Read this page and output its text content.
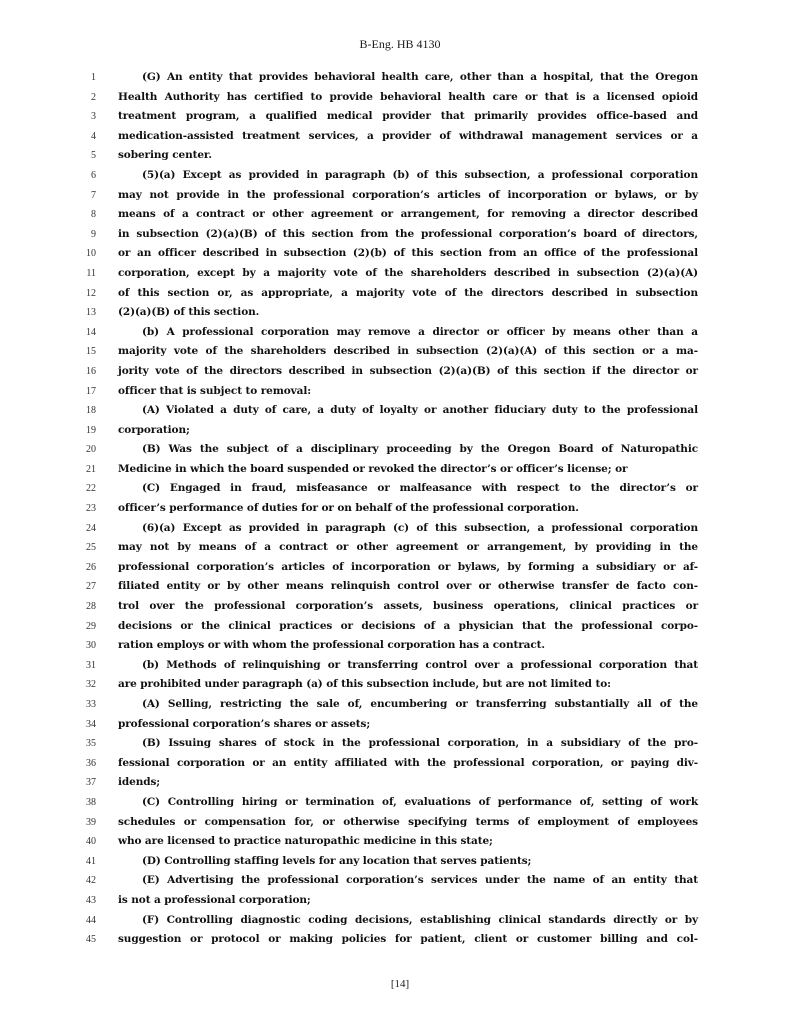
B-Eng. HB 4130
1	(G) An entity that provides behavioral health care, other than a hospital, that the Oregon
2 Health Authority has certified to provide behavioral health care or that is a licensed opioid
3 treatment program, a qualified medical provider that primarily provides office-based and
4 medication-assisted treatment services, a provider of withdrawal management services or a
5 sobering center.
6	(5)(a) Except as provided in paragraph (b) of this subsection, a professional corporation
7 may not provide in the professional corporation’s articles of incorporation or bylaws, or by
8 means of a contract or other agreement or arrangement, for removing a director described
9 in subsection (2)(a)(B) of this section from the professional corporation’s board of directors,
10 or an officer described in subsection (2)(b) of this section from an office of the professional
11 corporation, except by a majority vote of the shareholders described in subsection (2)(a)(A)
12 of this section or, as appropriate, a majority vote of the directors described in subsection
13 (2)(a)(B) of this section.
14	(b) A professional corporation may remove a director or officer by means other than a
15 majority vote of the shareholders described in subsection (2)(a)(A) of this section or a ma-
16 jority vote of the directors described in subsection (2)(a)(B) of this section if the director or
17 officer that is subject to removal:
18	(A) Violated a duty of care, a duty of loyalty or another fiduciary duty to the professional
19 corporation;
20	(B) Was the subject of a disciplinary proceeding by the Oregon Board of Naturopathic
21 Medicine in which the board suspended or revoked the director’s or officer’s license; or
22	(C) Engaged in fraud, misfeasance or malfeasance with respect to the director’s or
23 officer’s performance of duties for or on behalf of the professional corporation.
24	(6)(a) Except as provided in paragraph (c) of this subsection, a professional corporation
25 may not by means of a contract or other agreement or arrangement, by providing in the
26 professional corporation’s articles of incorporation or bylaws, by forming a subsidiary or af-
27 filiated entity or by other means relinquish control over or otherwise transfer de facto con-
28 trol over the professional corporation’s assets, business operations, clinical practices or
29 decisions or the clinical practices or decisions of a physician that the professional corpo-
30 ration employs or with whom the professional corporation has a contract.
31	(b) Methods of relinquishing or transferring control over a professional corporation that
32 are prohibited under paragraph (a) of this subsection include, but are not limited to:
33	(A) Selling, restricting the sale of, encumbering or transferring substantially all of the
34 professional corporation’s shares or assets;
35	(B) Issuing shares of stock in the professional corporation, in a subsidiary of the pro-
36 fessional corporation or an entity affiliated with the professional corporation, or paying div-
37 idends;
38	(C) Controlling hiring or termination of, evaluations of performance of, setting of work
39 schedules or compensation for, or otherwise specifying terms of employment of employees
40 who are licensed to practice naturopathic medicine in this state;
41	(D) Controlling staffing levels for any location that serves patients;
42	(E) Advertising the professional corporation’s services under the name of an entity that
43 is not a professional corporation;
44	(F) Controlling diagnostic coding decisions, establishing clinical standards directly or by
45 suggestion or protocol or making policies for patient, client or customer billing and col-
[14]
